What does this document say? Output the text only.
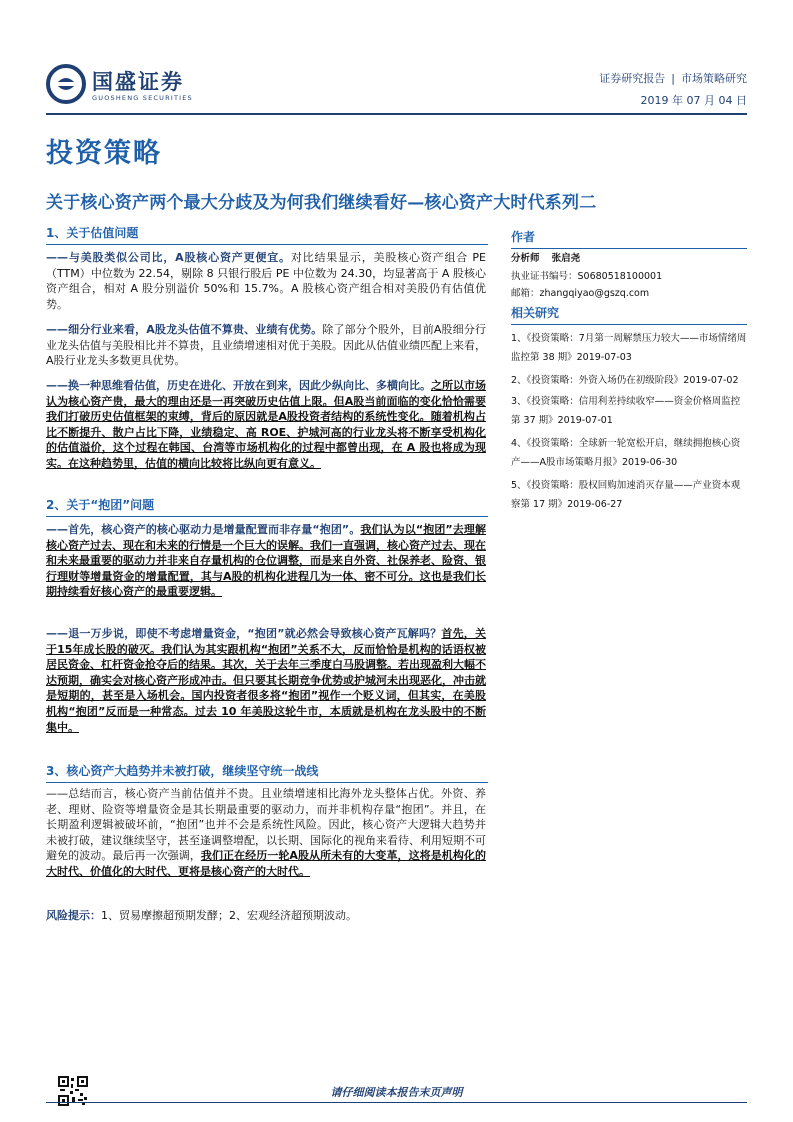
国盛证券
GUOSHENG SECURITIES
证券研究报告 | 市场策略研究
2019 年 07 月 04 日
投资策略
关于核心资产两个最大分歧及为何我们继续看好—核心资产大时代系列二
1、关于估值问题
——与美股类似公司比，A股核心资产更便宜。对比结果显示，美股核心资产组合 PE（TTM）中位数为 22.54，剔除 8 只银行股后 PE 中位数为 24.30，均显著高于 A 股核心资产组合，相对 A 股分别溢价 50%和 15.7%。A 股核心资产组合相对美股仍有估值优势。
——细分行业来看，A股龙头估值不算贵、业绩有优势。除了部分个股外，目前A股细分行业龙头估值与美股相比并不算贵，且业绩增速相对优于美股。因此从估值业绩匹配上来看，A股行业龙头多数更具优势。
——换一种思维看估值，历史在进化、开放在到来，因此少纵向比、多横向比。之所以市场认为核心资产贵，最大的理由还是一再突破历史估值上限。但A股当前面临的变化恰恰需要我们打破历史估值框架的束缚，背后的原因就是A股投资者结构的系统性变化。随着机构占比不断提升、散户占比下降，业绩稳定、高 ROE、护城河高的行业龙头将不断享受机构化的估值溢价，这个过程在韩国、台湾等市场机构化的过程中都曾出现，在 A 股也将成为现实。在这种趋势里，估值的横向比较将比纵向更有意义。
2、关于“抱团”问题
——首先，核心资产的核心驱动力是增量配置而非存量“抱团”。我们认为以“抱团”去理解核心资产过去、现在和未来的行情是一个巨大的误解。我们一直强调，核心资产过去、现在和未来最重要的驱动力并非来自存量机构的仓位调整，而是来自外资、社保养老、险资、银行理财等增量资金的增量配置，其与A股的机构化进程几为一体、密不可分。这也是我们长期持续看好核心资产的最重要逻辑。
——退一万步说，即使不考虑增量资金，“抱团”就必然会导致核心资产瓦解吗？首先，关于15年成长股的破灭。我们认为其实跟机构“抱团”关系不大，反而恰恰是机构的话语权被居民资金、杠杆资金抢夺后的结果。其次，关于去年三季度白马股调整。若出现盈利大幅不达预期，确实会对核心资产形成冲击。但只要其长期竞争优势或护城河未出现恶化，冲击就是短期的，甚至是入场机会。国内投资者很多将“抱团”视作一个贬义词，但其实，在美股机构“抱团”反而是一种常态。过去 10 年美股这轮牛市，本质就是机构在龙头股中的不断集中。
3、核心资产大趋势并未被打破，继续坚守统一战线
——总结而言，核心资产当前估值并不贵。且业绩增速相比海外龙头整体占优。外资、养老、理财、险资等增量资金是其长期最重要的驱动力，而并非机构存量“抱团”。并且，在长期盈利逻辑被破坏前，“抱团”也并不会是系统性风险。因此，核心资产大逻辑大趋势并未被打破，建议继续坚守，甚至逢调整增配，以长期、国际化的视角来看待、利用短期不可避免的波动。最后再一次强调，我们正在经历一轮A股从所未有的大变革，这将是机构化的大时代、价值化的大时代、更将是核心资产的大时代。
风险提示：1、贸易摩擦超预期发酵；2、宏观经济超预期波动。
作者
分析师 张启尧
执业证书编号：S0680518100001
邮箱：zhangqiyao@gszq.com
相关研究
1、《投资策略：7月第一周解禁压力较大——市场情绪周监控第 38 期》2019-07-03
2、《投资策略：外资入场仍在初级阶段》2019-07-02
3、《投资策略：信用利差持续收窄——资金价格周监控第 37 期》2019-07-01
4、《投资策略：全球新一轮宽松开启，继续拥抱核心资产——A股市场策略月报》2019-06-30
5、《投资策略：股权回购加速消灭存量——产业资本观察第 17 期》2019-06-27
请仔细阅读本报告末页声明
